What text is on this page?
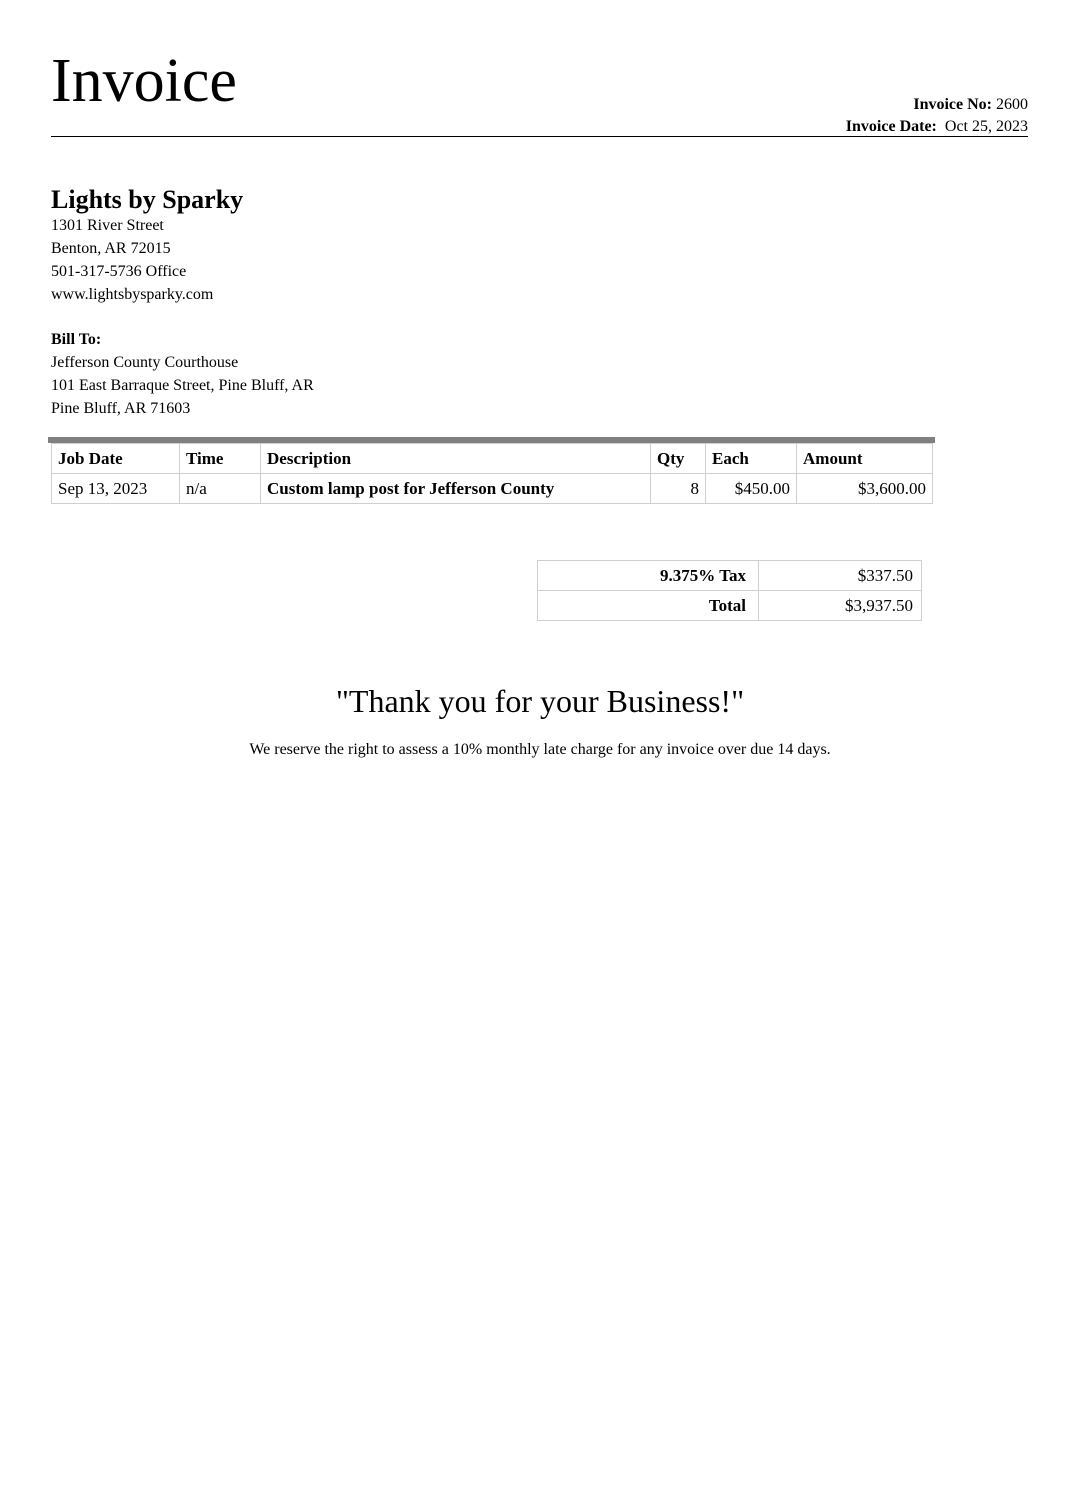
Invoice	Invoice No: 2600
Invoice Date: Oct 25, 2023
Lights by Sparky
1301 River Street
Benton, AR 72015
501-317-5736 Office
www.lightsbysparky.com
Bill To:
Jefferson County Courthouse
101 East Barraque Street, Pine Bluff, AR
Pine Bluff, AR 71603
Job Date	Time	Description	Qty	Each	Amount
Sep 13, 2023	n/a	Custom lamp post for Jefferson County	8	$450.00	$3,600.00
9.375% Tax	$337.50
Total	$3,937.50
"Thank you for your Business!"
We reserve the right to assess a 10% monthly late charge for any invoice over due 14 days.
